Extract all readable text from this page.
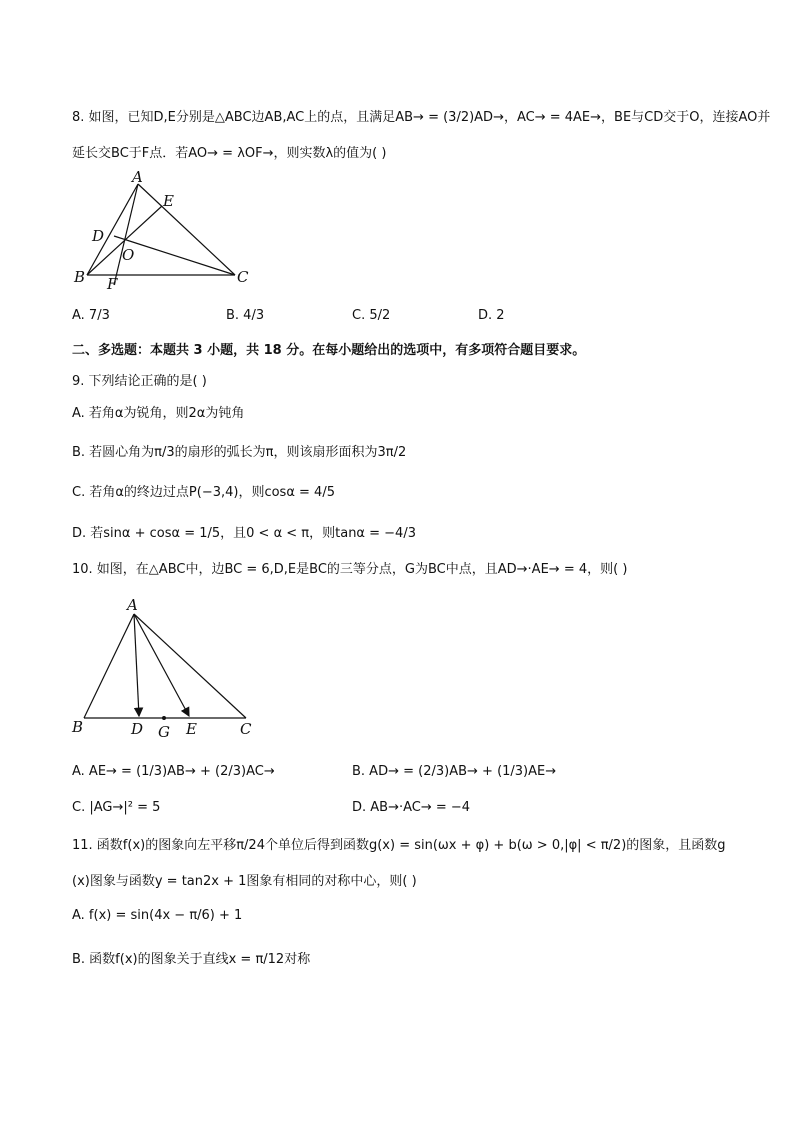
8. 如图，已知D,E分别是△ABC边AB,AC上的点，且满足AB→ = (3/2)AD→，AC→ = 4AE→，BE与CD交于O，连接AO并
延长交BC于F点．若AO→ = λOF→，则实数λ的值为( )
A
E
D
O
B F	C
A. 7/3	B. 4/3	C. 5/2	D. 2
二、多选题：本题共 3 小题，共 18 分。在每小题给出的选项中，有多项符合题目要求。
9. 下列结论正确的是( )
A. 若角α为锐角，则2α为钝角
B. 若圆心角为π/3的扇形的弧长为π，则该扇形面积为3π/2
C. 若角α的终边过点P(−3,4)，则cosα = 4/5
D. 若sinα + cosα = 1/5，且0 < α < π，则tanα = −4/3
10. 如图，在△ABC中，边BC = 6,D,E是BC的三等分点，G为BC中点，且AD→·AE→ = 4，则( )
A
B	D G E	C
A. AE→ = (1/3)AB→ + (2/3)AC→	B. AD→ = (2/3)AB→ + (1/3)AE→
C. |AG→|² = 5	D. AB→·AC→ = −4
11. 函数f(x)的图象向左平移π/24个单位后得到函数g(x) = sin(ωx + φ) + b(ω > 0,|φ| < π/2)的图象，且函数g
(x)图象与函数y = tan2x + 1图象有相同的对称中心，则( )
A. f(x) = sin(4x − π/6) + 1
B. 函数f(x)的图象关于直线x = π/12对称
